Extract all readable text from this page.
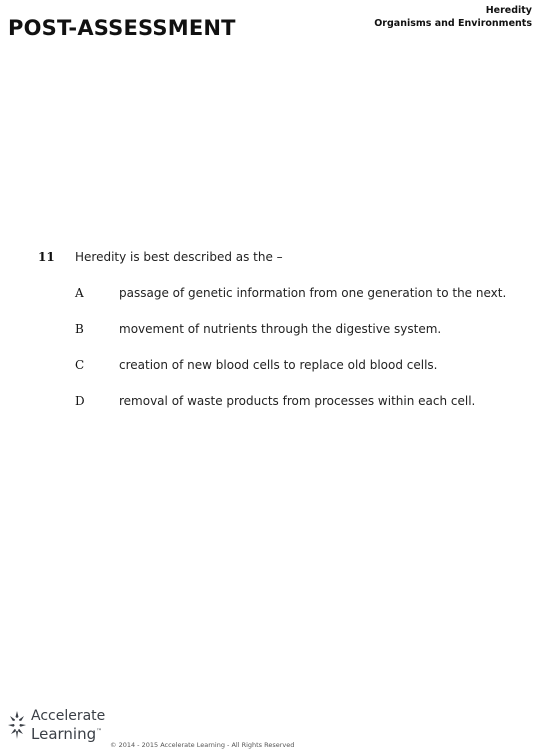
POST-ASSESSMENT
Heredity
Organisms and Environments
11	Heredity is best described as the –
A	passage of genetic information from one generation to the next.
B	movement of nutrients through the digestive system.
C	creation of new blood cells to replace old blood cells.
D	removal of waste products from processes within each cell.
Accelerate
Learning™
© 2014 - 2015 Accelerate Learning - All Rights Reserved
